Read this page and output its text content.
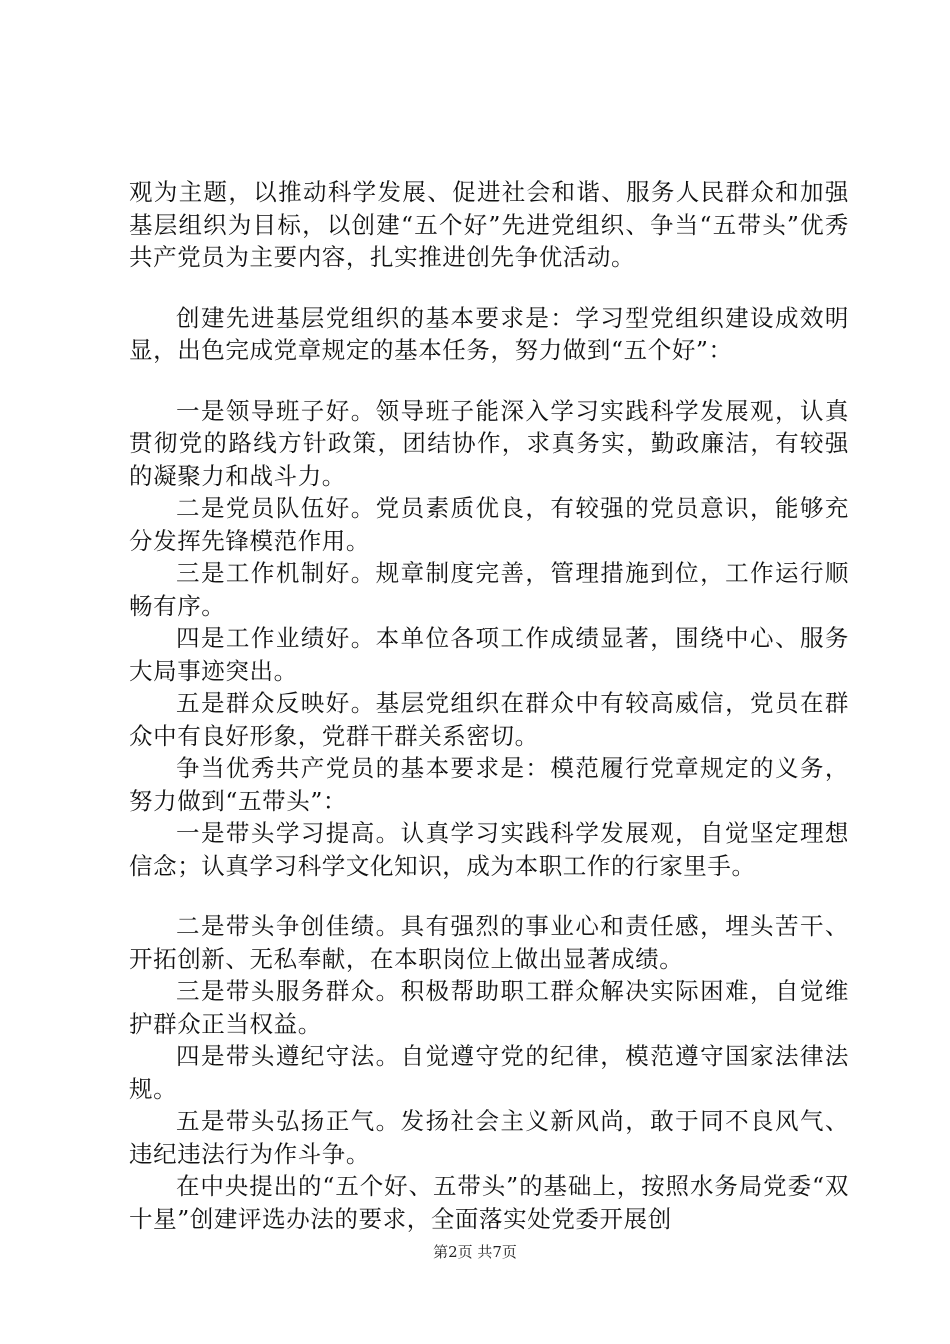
观为主题，以推动科学发展、促进社会和谐、服务人民群众和加强基层组织为目标，以创建“五个好”先进党组织、争当“五带头”优秀共产党员为主要内容，扎实推进创先争优活动。

创建先进基层党组织的基本要求是：学习型党组织建设成效明显，出色完成党章规定的基本任务，努力做到“五个好”：

一是领导班子好。领导班子能深入学习实践科学发展观，认真贯彻党的路线方针政策，团结协作，求真务实，勤政廉洁，有较强的凝聚力和战斗力。

二是党员队伍好。党员素质优良，有较强的党员意识，能够充分发挥先锋模范作用。

三是工作机制好。规章制度完善，管理措施到位，工作运行顺畅有序。

四是工作业绩好。本单位各项工作成绩显著，围绕中心、服务大局事迹突出。

五是群众反映好。基层党组织在群众中有较高威信，党员在群众中有良好形象，党群干群关系密切。

争当优秀共产党员的基本要求是：模范履行党章规定的义务，努力做到“五带头”：

一是带头学习提高。认真学习实践科学发展观，自觉坚定理想信念；认真学习科学文化知识，成为本职工作的行家里手。

二是带头争创佳绩。具有强烈的事业心和责任感，埋头苦干、开拓创新、无私奉献，在本职岗位上做出显著成绩。

三是带头服务群众。积极帮助职工群众解决实际困难，自觉维护群众正当权益。

四是带头遵纪守法。自觉遵守党的纪律，模范遵守国家法律法规。

五是带头弘扬正气。发扬社会主义新风尚，敢于同不良风气、违纪违法行为作斗争。

在中央提出的“五个好、五带头”的基础上，按照水务局党委“双十星”创建评选办法的要求，全面落实处党委开展创

第2页 共7页
